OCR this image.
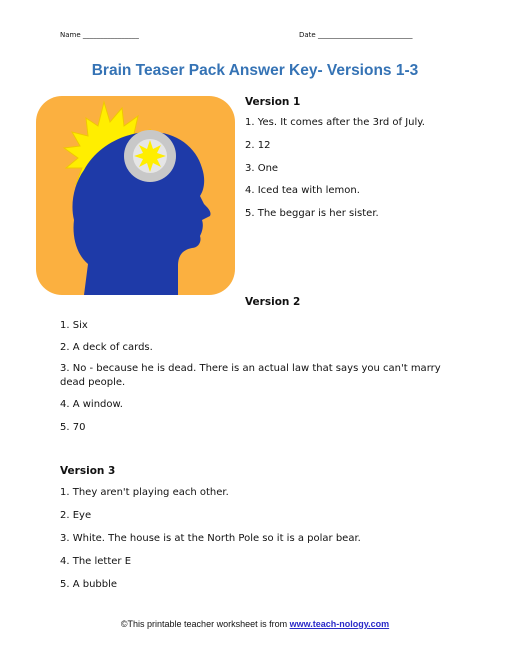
Name ________________	Date ___________________________
Brain Teaser Pack Answer Key- Versions 1-3
Version 1
1. Yes. It comes after the 3rd of July.
2. 12
3. One
4. Iced tea with lemon.
5. The beggar is her sister.
Version 2
1. Six
2. A deck of cards.
3. No - because he is dead. There is an actual law that says you can't marry
dead people.
4. A window.
5. 70
Version 3
1. They aren't playing each other.
2. Eye
3. White. The house is at the North Pole so it is a polar bear.
4. The letter E
5. A bubble
©This printable teacher worksheet is from www.teach-nology.com
